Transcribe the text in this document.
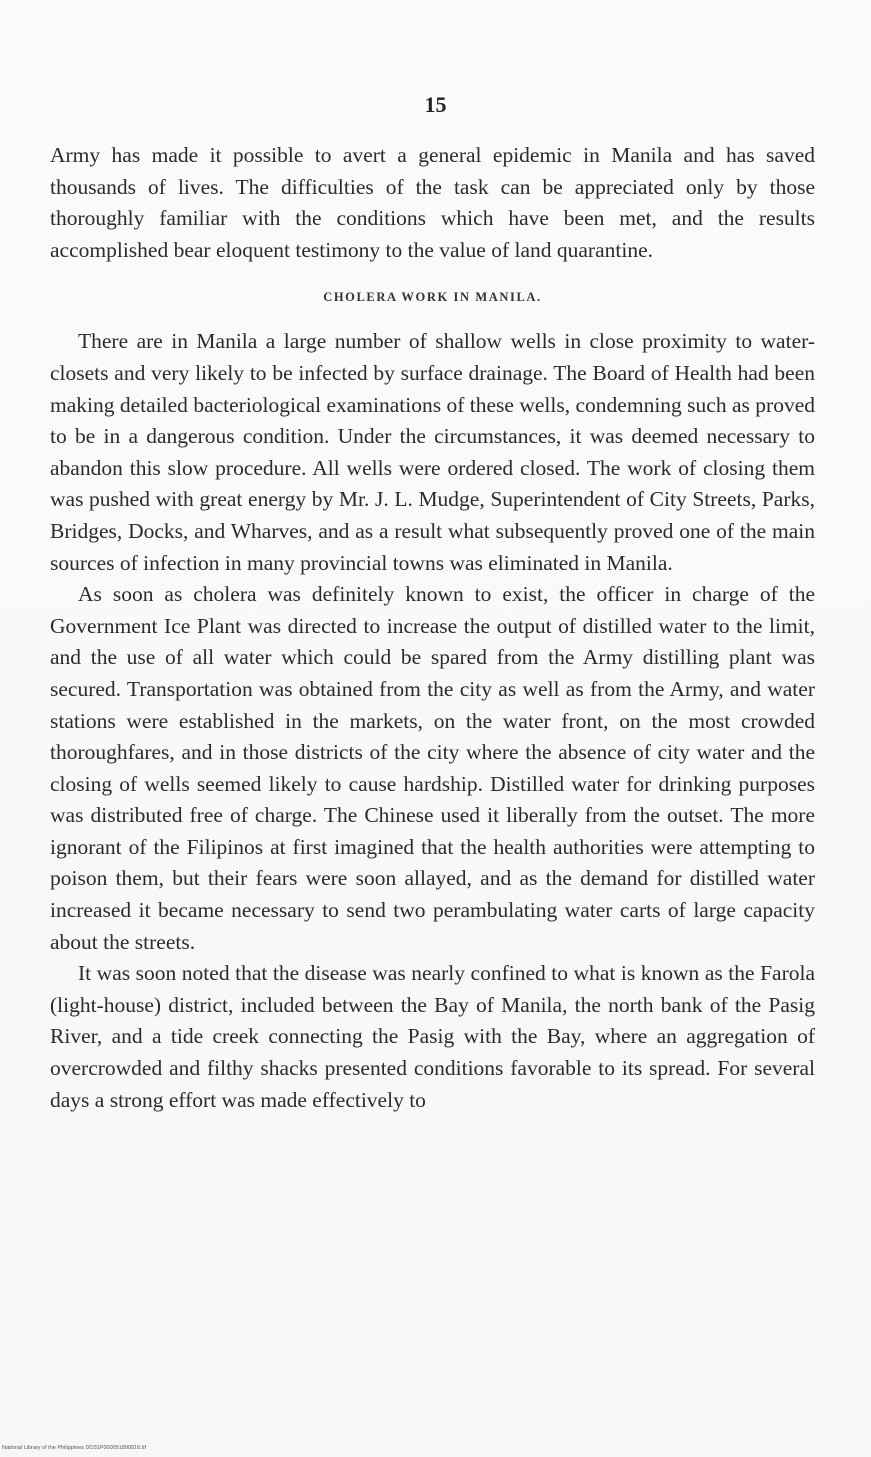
15

Army has made it possible to avert a general epidemic in Manila and has saved thousands of lives. The difficulties of the task can be appreciated only by those thoroughly familiar with the conditions which have been met, and the results accomplished bear eloquent testimony to the value of land quarantine.

CHOLERA WORK IN MANILA.

There are in Manila a large number of shallow wells in close proximity to water-closets and very likely to be infected by surface drainage. The Board of Health had been making detailed bacteriological examinations of these wells, condemning such as proved to be in a dangerous condition. Under the circumstances, it was deemed necessary to abandon this slow procedure. All wells were ordered closed. The work of closing them was pushed with great energy by Mr. J. L. Mudge, Superintendent of City Streets, Parks, Bridges, Docks, and Wharves, and as a result what subsequently proved one of the main sources of infection in many provincial towns was eliminated in Manila.

As soon as cholera was definitely known to exist, the officer in charge of the Government Ice Plant was directed to increase the output of distilled water to the limit, and the use of all water which could be spared from the Army distilling plant was secured. Transportation was obtained from the city as well as from the Army, and water stations were established in the markets, on the water front, on the most crowded thoroughfares, and in those districts of the city where the absence of city water and the closing of wells seemed likely to cause hardship. Distilled water for drinking purposes was distributed free of charge. The Chinese used it liberally from the outset. The more ignorant of the Filipinos at first imagined that the health authorities were attempting to poison them, but their fears were soon allayed, and as the demand for distilled water increased it became necessary to send two perambulating water carts of large capacity about the streets.

It was soon noted that the disease was nearly confined to what is known as the Farola (light-house) district, included between the Bay of Manila, the north bank of the Pasig River, and a tide creek connecting the Pasig with the Bay, where an aggregation of overcrowded and filthy shacks presented conditions favorable to its spread. For several days a strong effort was made effectively to

National Library of the Philippines DO31P000051890016.tif
